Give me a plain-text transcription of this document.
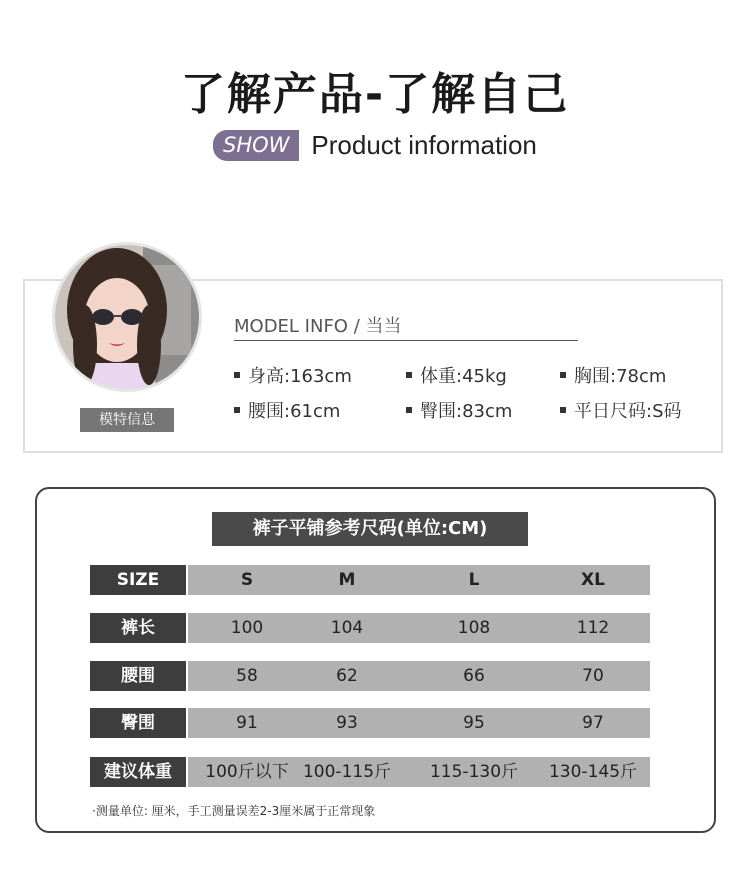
了解产品-了解自己
SHOW Product information
模特信息
MODEL INFO / 当当
身高:163cm	体重:45kg	胸围:78cm
腰围:61cm	臀围:83cm	平日尺码:S码
裤子平铺参考尺码(单位:CM)
SIZE	S	M	L	XL
裤长	100	104	108	112
腰围	58	62	66	70
臀围	91	93	95	97
建议体重	100斤以下 100-115斤	115-130斤	130-145斤
·测量单位: 厘米，手工测量误差2-3厘米属于正常现象
